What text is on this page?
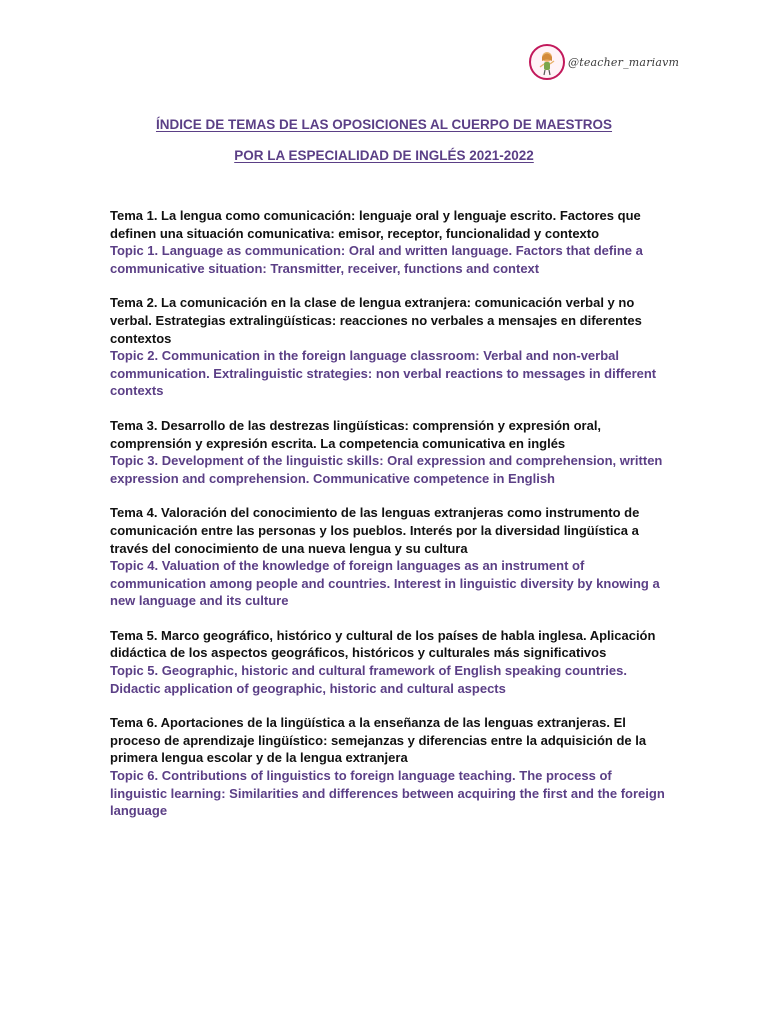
@teacher_mariavm
ÍNDICE DE TEMAS DE LAS OPOSICIONES AL CUERPO DE MAESTROS
POR LA ESPECIALIDAD DE INGLÉS 2021-2022

Tema 1. La lengua como comunicación: lenguaje oral y lenguaje escrito. Factores que definen una situación comunicativa: emisor, receptor, funcionalidad y contexto

Topic 1. Language as communication: Oral and written language. Factors that define a communicative situation: Transmitter, receiver, functions and context

Tema 2. La comunicación en la clase de lengua extranjera: comunicación verbal y no verbal. Estrategias extralingüísticas: reacciones no verbales a mensajes en diferentes contextos

Topic 2. Communication in the foreign language classroom: Verbal and non-verbal communication. Extralinguistic strategies: non verbal reactions to messages in different contexts

Tema 3. Desarrollo de las destrezas lingüísticas: comprensión y expresión oral, comprensión y expresión escrita. La competencia comunicativa en inglés

Topic 3. Development of the linguistic skills: Oral expression and comprehension, written expression and comprehension. Communicative competence in English

Tema 4. Valoración del conocimiento de las lenguas extranjeras como instrumento de comunicación entre las personas y los pueblos. Interés por la diversidad lingüística a través del conocimiento de una nueva lengua y su cultura

Topic 4. Valuation of the knowledge of foreign languages as an instrument of communication among people and countries. Interest in linguistic diversity by knowing a new language and its culture

Tema 5. Marco geográfico, histórico y cultural de los países de habla inglesa. Aplicación didáctica de los aspectos geográficos, históricos y culturales más significativos

Topic 5. Geographic, historic and cultural framework of English speaking countries. Didactic application of geographic, historic and cultural aspects

Tema 6. Aportaciones de la lingüística a la enseñanza de las lenguas extranjeras. El proceso de aprendizaje lingüístico: semejanzas y diferencias entre la adquisición de la primera lengua escolar y de la lengua extranjera

Topic 6. Contributions of linguistics to foreign language teaching. The process of linguistic learning: Similarities and differences between acquiring the first and the foreign language
